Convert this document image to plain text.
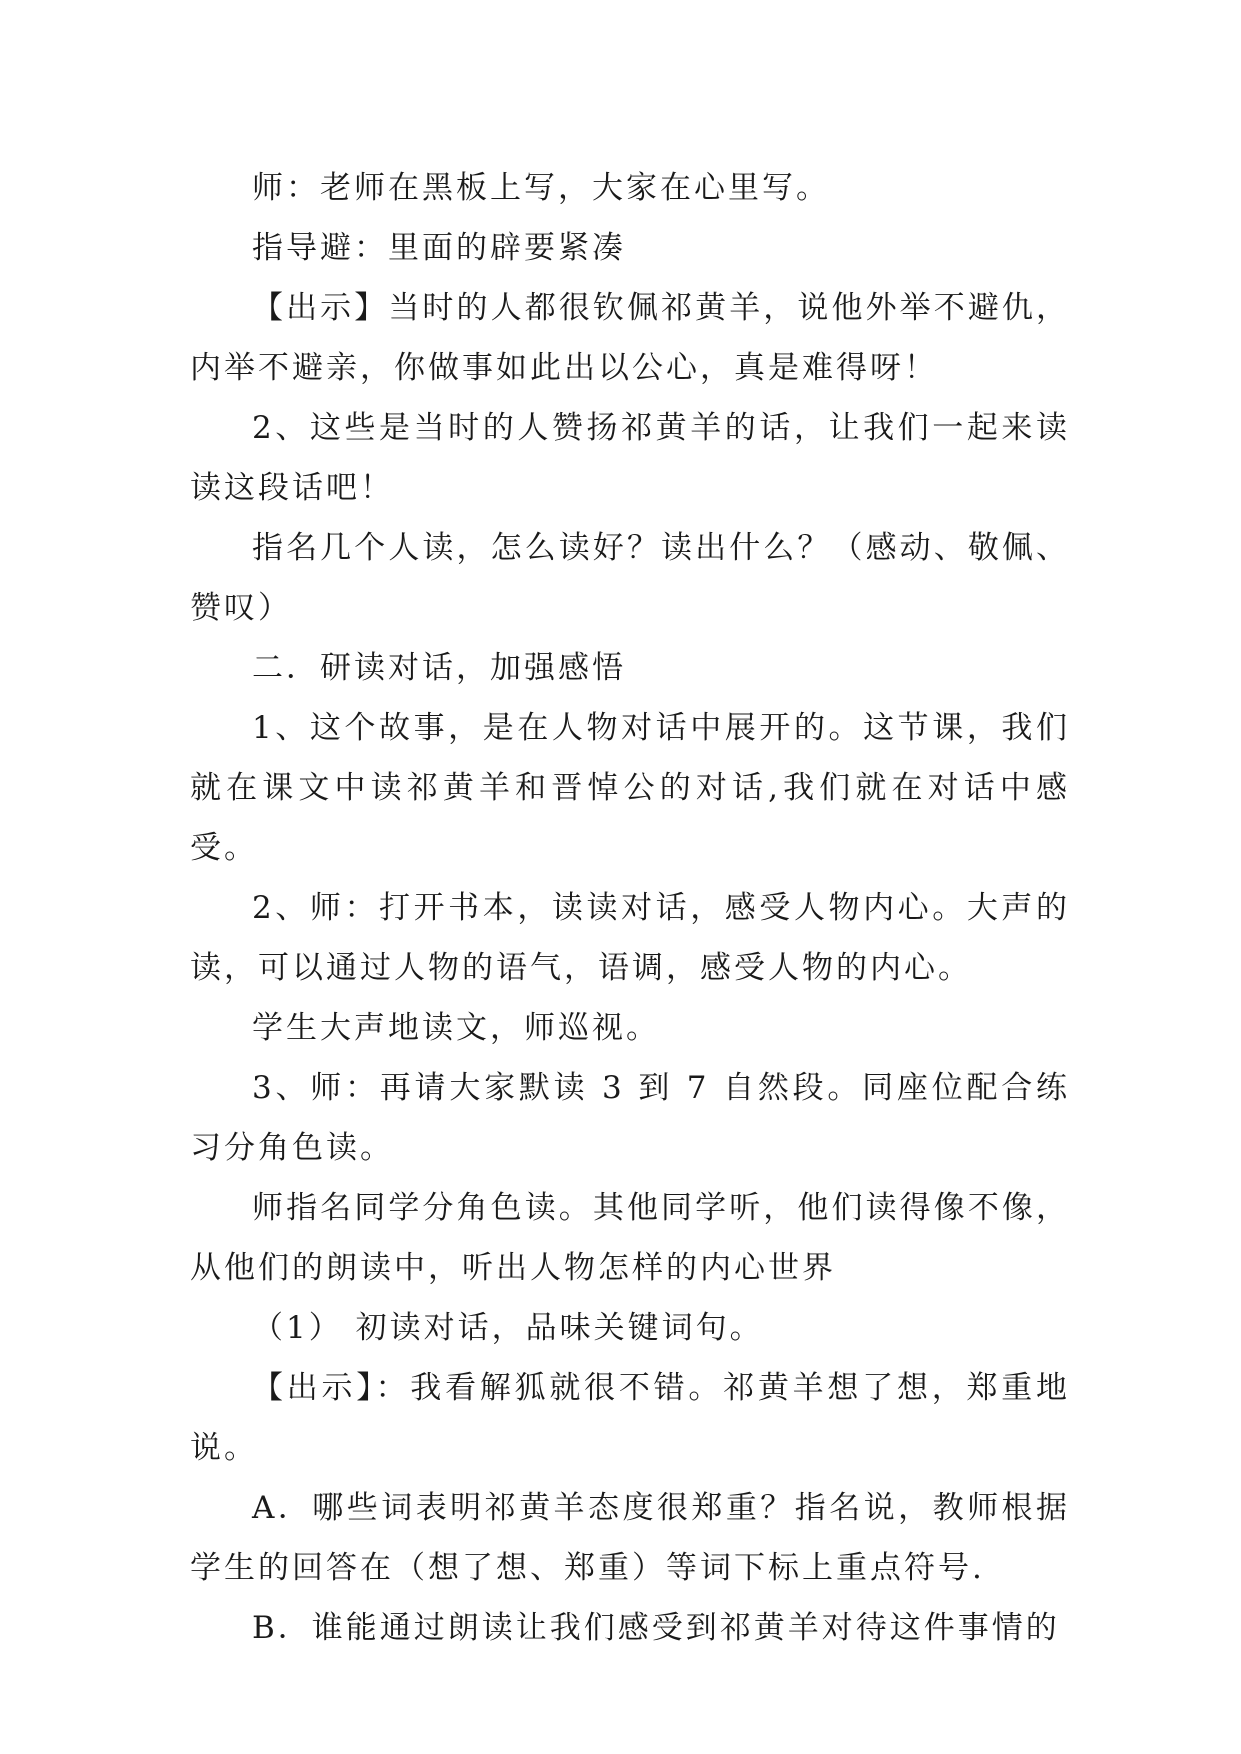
师：老师在黑板上写，大家在心里写。

指导避：里面的辟要紧凑

【出示】当时的人都很钦佩祁黄羊，说他外举不避仇，内举不避亲，你做事如此出以公心，真是难得呀！

2、这些是当时的人赞扬祁黄羊的话，让我们一起来读读这段话吧！

指名几个人读，怎么读好？读出什么？（感动、敬佩、赞叹）

二．研读对话，加强感悟

1、这个故事，是在人物对话中展开的。这节课，我们就在课文中读祁黄羊和晋悼公的对话,我们就在对话中感受。

2、师：打开书本，读读对话，感受人物内心。大声的读，可以通过人物的语气，语调，感受人物的内心。

学生大声地读文，师巡视。

3、师：再请大家默读 3 到 7 自然段。同座位配合练习分角色读。

师指名同学分角色读。其他同学听，他们读得像不像，从他们的朗读中，听出人物怎样的内心世界

（1） 初读对话，品味关键词句。

【出示】：我看解狐就很不错。祁黄羊想了想，郑重地说。

A．哪些词表明祁黄羊态度很郑重？指名说，教师根据学生的回答在（想了想、郑重）等词下标上重点符号.

B．谁能通过朗读让我们感受到祁黄羊对待这件事情的
